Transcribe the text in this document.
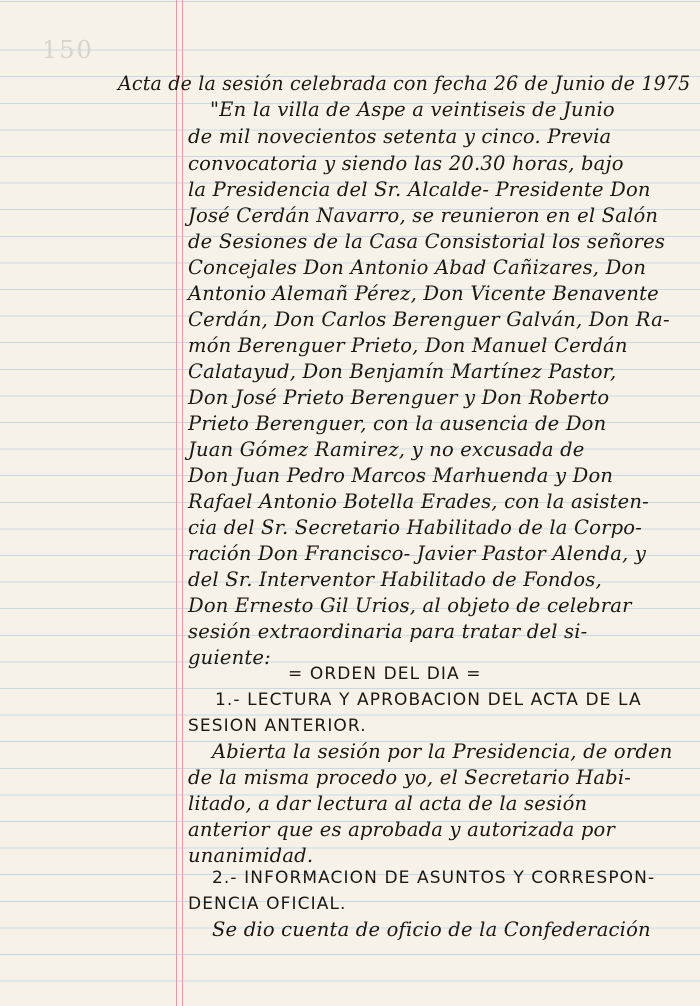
150
Acta de la sesión celebrada con fecha 26 de Junio de 1975
"En la villa de Aspe a veintiseis de Junio
de mil novecientos setenta y cinco. Previa
convocatoria y siendo las 20.30 horas, bajo
la Presidencia del Sr. Alcalde- Presidente Don
José Cerdán Navarro, se reunieron en el Salón
de Sesiones de la Casa Consistorial los señores
Concejales Don Antonio Abad Cañizares, Don
Antonio Alemañ Pérez, Don Vicente Benavente
Cerdán, Don Carlos Berenguer Galván, Don Ra-
món Berenguer Prieto, Don Manuel Cerdán
Calatayud, Don Benjamín Martínez Pastor,
Don José Prieto Berenguer y Don Roberto
Prieto Berenguer, con la ausencia de Don
Juan Gómez Ramirez, y no excusada de
Don Juan Pedro Marcos Marhuenda y Don
Rafael Antonio Botella Erades, con la asisten-
cia del Sr. Secretario Habilitado de la Corpo-
ración Don Francisco- Javier Pastor Alenda, y
del Sr. Interventor Habilitado de Fondos,
Don Ernesto Gil Urios, al objeto de celebrar
sesión extraordinaria para tratar del si-
guiente:
= ORDEN DEL DIA =
1.- LECTURA Y APROBACION DEL ACTA DE LA
SESION ANTERIOR.
Abierta la sesión por la Presidencia, de orden
de la misma procedo yo, el Secretario Habi-
litado, a dar lectura al acta de la sesión
anterior que es aprobada y autorizada por
unanimidad.
2.- INFORMACION DE ASUNTOS Y CORRESPON-
DENCIA OFICIAL.
Se dio cuenta de oficio de la Confederación
